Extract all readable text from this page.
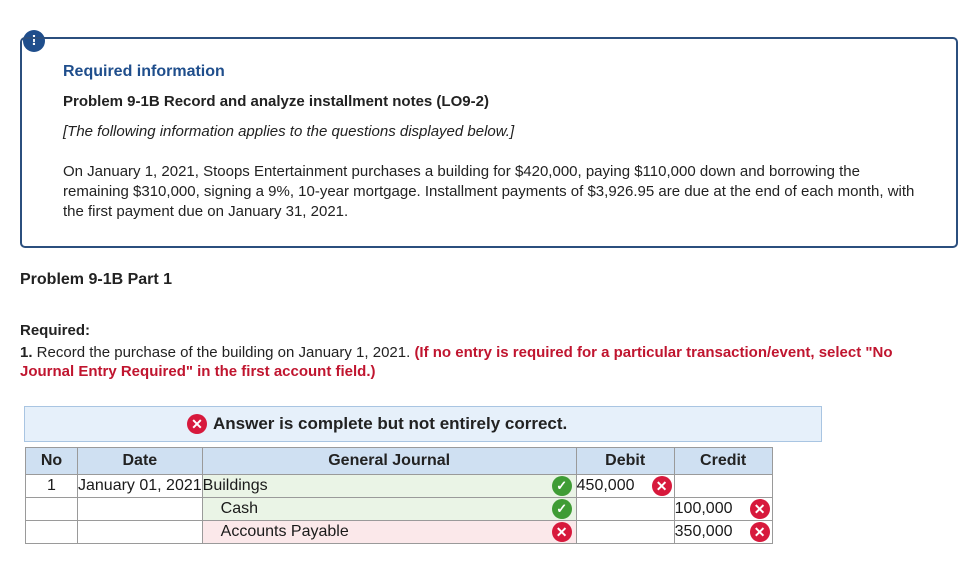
!
Required information
Problem 9-1B Record and analyze installment notes (LO9-2)
[The following information applies to the questions displayed below.]
On January 1, 2021, Stoops Entertainment purchases a building for $420,000, paying $110,000 down and borrowing the remaining $310,000, signing a 9%, 10-year mortgage. Installment payments of $3,926.95 are due at the end of each month, with the first payment due on January 31, 2021.
Problem 9-1B Part 1
Required:
1. Record the purchase of the building on January 1, 2021. (If no entry is required for a particular transaction/event, select "No Journal Entry Required" in the first account field.)
✕ Answer is complete but not entirely correct.
No	Date	General Journal	Debit	Credit
1	January 01, 2021	Buildings ✓	450,000 ✕	

		Cash ✓		100,000 ✕

		Accounts Payable ✕		350,000 ✕
